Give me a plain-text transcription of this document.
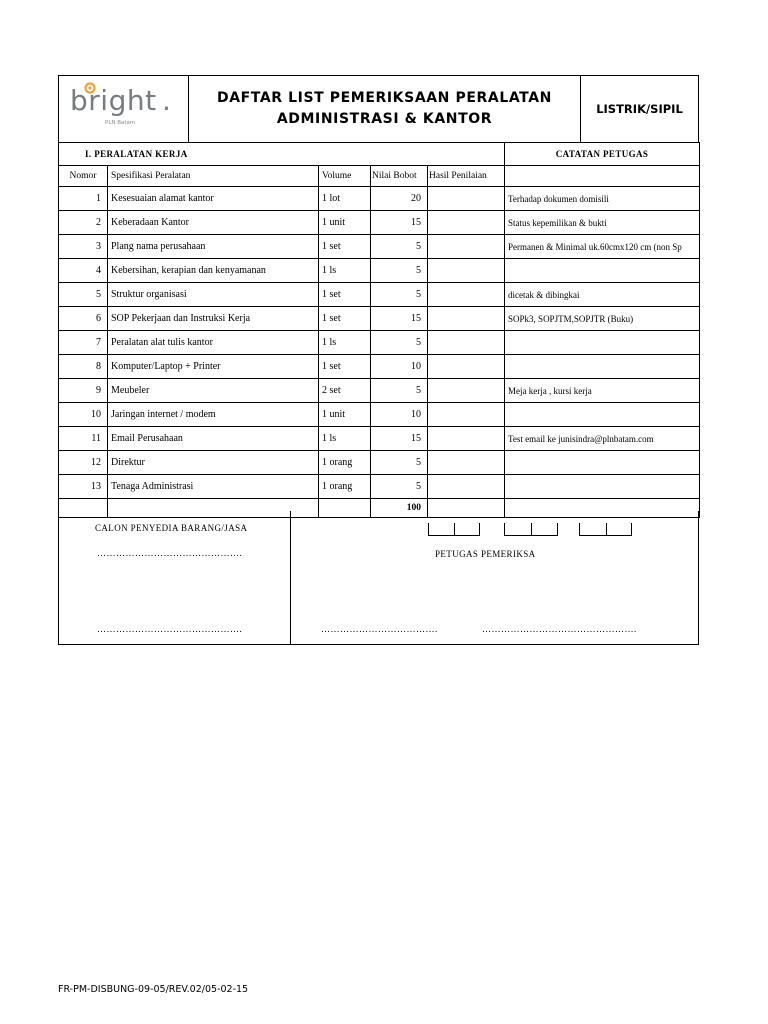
bright .
PLN Batam
DAFTAR LIST PEMERIKSAAN PERALATAN
ADMINISTRASI & KANTOR
LISTRIK/SIPIL
I. PERALATAN KERJA					CATATAN PETUGAS
Nomor	Spesifikasi Peralatan	Volume	Nilai Bobot	Hasil Penilaian	
1	Kesesuaian alamat kantor	1 lot	20		Terhadap dokumen domisili
2	Keberadaan Kantor	1 unit	15		Status kepemilikan & bukti
3	Plang nama perusahaan	1 set	5		Permanen & Minimal uk.60cmx120 cm (non Sp
4	Kebersihan, kerapian dan kenyamanan	1 ls	5		
5	Struktur organisasi	1 set	5		dicetak & dibingkai
6	SOP Pekerjaan dan Instruksi Kerja	1 set	15		SOPk3, SOPJTM,SOPJTR (Buku)
7	Peralatan alat tulis kantor	1 ls	5		
8	Komputer/Laptop + Printer	1 set	10		
9	Meubeler	2 set	5		Meja kerja , kursi kerja
10	Jaringan internet / modem	1 unit	10		
11	Email Perusahaan	1 ls	15		Test email ke junisindra@plnbatam.com
12	Direktur	1 orang	5		
13	Tenaga Administrasi	1 orang	5		
			100		
CALON PENYEDIA BARANG/JASA
……………………………………….
……………………………………….
PETUGAS PEMERIKSA
……………………………….	………………………………………….
FR-PM-DISBUNG-09-05/REV.02/05-02-15
